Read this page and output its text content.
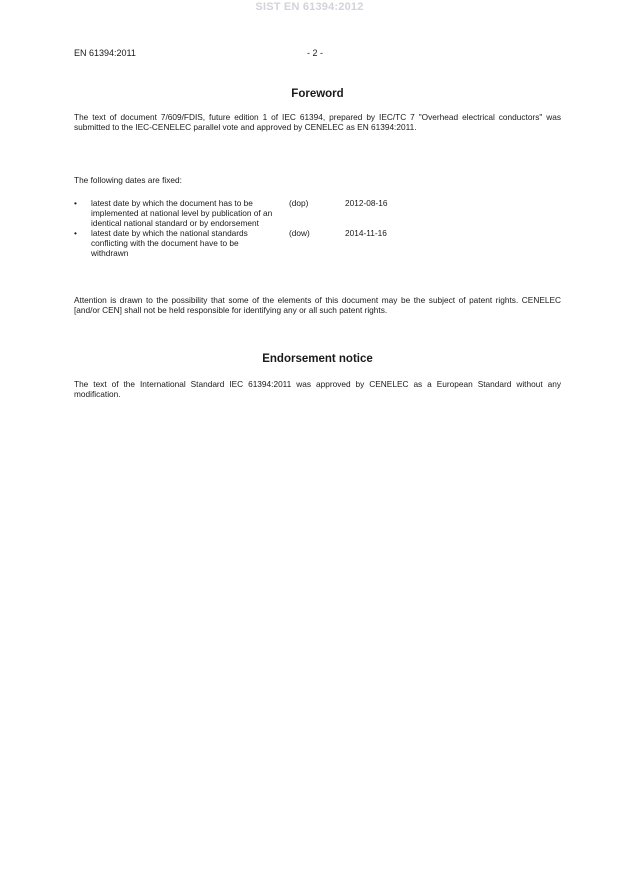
SIST EN 61394:2012
EN 61394:2011	- 2 -
Foreword

The text of document 7/609/FDIS, future edition 1 of IEC 61394, prepared by IEC/TC 7 "Overhead electrical conductors" was submitted to the IEC-CENELEC parallel vote and approved by CENELEC as EN 61394:2011.

The following dates are fixed:

• latest date by which the document has to be implemented at national level by publication of an identical national standard or by endorsement
(dop)	2012-08-16
• latest date by which the national standards conflicting with the document have to be withdrawn
(dow)	2014-11-16

Attention is drawn to the possibility that some of the elements of this document may be the subject of patent rights. CENELEC [and/or CEN] shall not be held responsible for identifying any or all such patent rights.

Endorsement notice

The text of the International Standard IEC 61394:2011 was approved by CENELEC as a European Standard without any modification.
